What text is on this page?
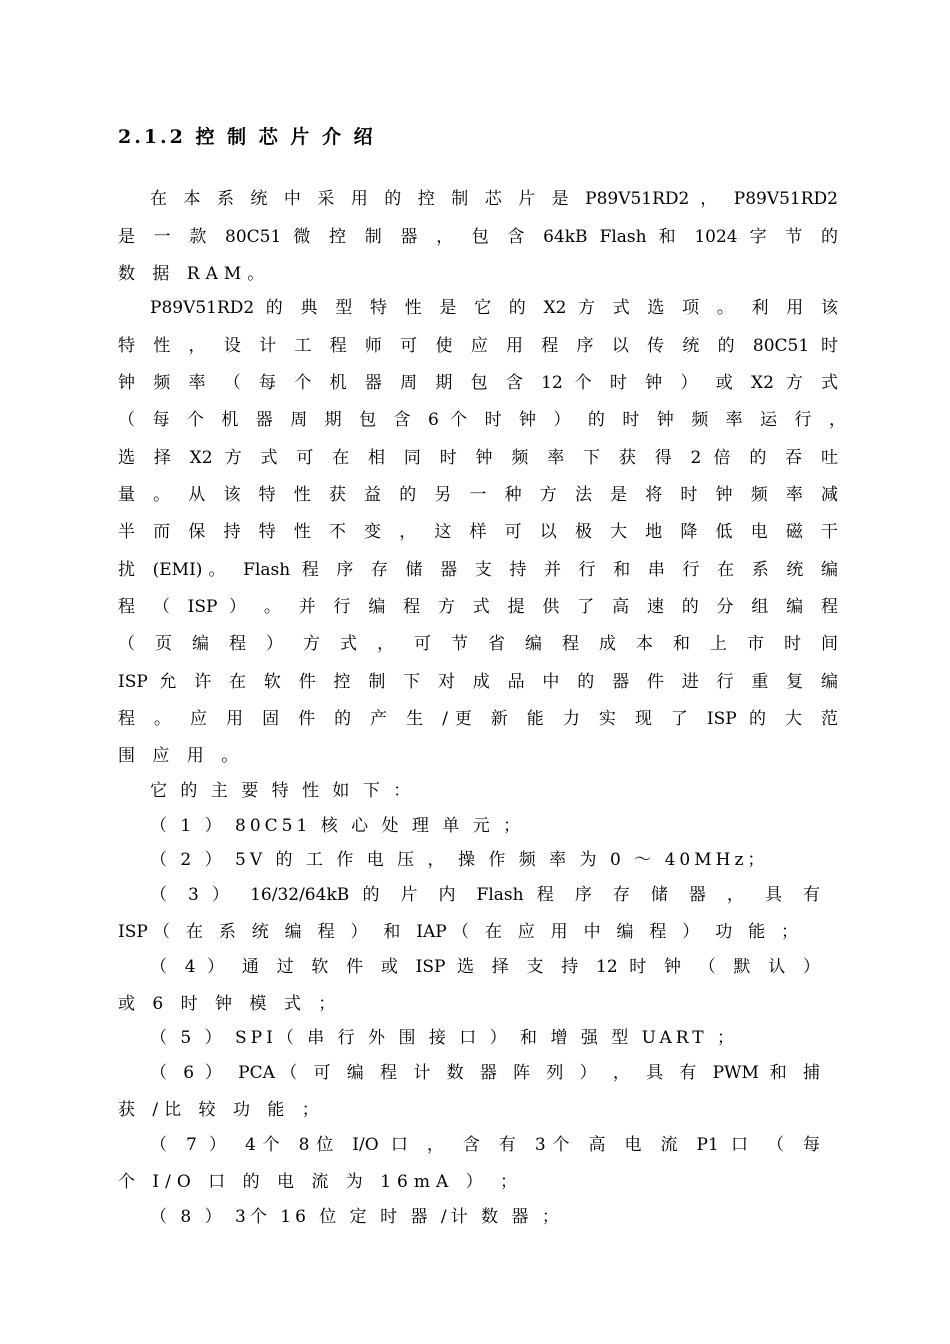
2.1.2 控 制 芯 片 介 绍
在 本 系 统 中 采 用 的 控 制 芯 片 是 P89V51RD2 ， P89V51RD2
是 一 款 80C51 微 控 制 器 ， 包 含 64kB Flash 和 1024 字 节 的
数 据 RAM。
P89V51RD2 的 典 型 特 性 是 它 的 X2 方 式 选 项 。 利 用 该
特 性 ， 设 计 工 程 师 可 使 应 用 程 序 以 传 统 的 80C51 时
钟 频 率 （ 每 个 机 器 周 期 包 含 12 个 时 钟 ） 或 X2 方 式
（ 每 个 机 器 周 期 包 含 6 个 时 钟 ） 的 时 钟 频 率 运 行 ，
选 择 X2 方 式 可 在 相 同 时 钟 频 率 下 获 得 2 倍 的 吞 吐
量 。 从 该 特 性 获 益 的 另 一 种 方 法 是 将 时 钟 频 率 减
半 而 保 持 特 性 不 变 ， 这 样 可 以 极 大 地 降 低 电 磁 干
扰 (EMI)。 Flash 程 序 存 储 器 支 持 并 行 和 串 行 在 系 统 编
程 （ ISP ） 。 并 行 编 程 方 式 提 供 了 高 速 的 分 组 编 程
（ 页 编 程 ） 方 式 ， 可 节 省 编 程 成 本 和 上 市 时 间
ISP 允 许 在 软 件 控 制 下 对 成 品 中 的 器 件 进 行 重 复 编
程 。 应 用 固 件 的 产 生 /更 新 能 力 实 现 了 ISP 的 大 范
围 应 用 。
它 的 主 要 特 性 如 下 ：
（ 1 ） 80C51 核 心 处 理 单 元 ；
（ 2 ） 5V 的 工 作 电 压 ， 操 作 频 率 为 0 ～ 40MHz；
（ 3 ） 16/32/64kB 的 片 内 Flash 程 序 存 储 器 ， 具 有
ISP（ 在 系 统 编 程 ） 和 IAP（ 在 应 用 中 编 程 ） 功 能 ；
（ 4 ） 通 过 软 件 或 ISP 选 择 支 持 12 时 钟 （ 默 认 ）
或 6 时 钟 模 式 ；
（ 5 ） SPI（ 串 行 外 围 接 口 ） 和 增 强 型 UART ；
（ 6 ） PCA（ 可 编 程 计 数 器 阵 列 ） ， 具 有 PWM 和 捕
获 /比 较 功 能 ；
（ 7 ） 4个 8位 I/O 口 ， 含 有 3个 高 电 流 P1 口 （ 每
个 I/O 口 的 电 流 为 16mA ） ；
（ 8 ） 3个 16 位 定 时 器 /计 数 器 ；
